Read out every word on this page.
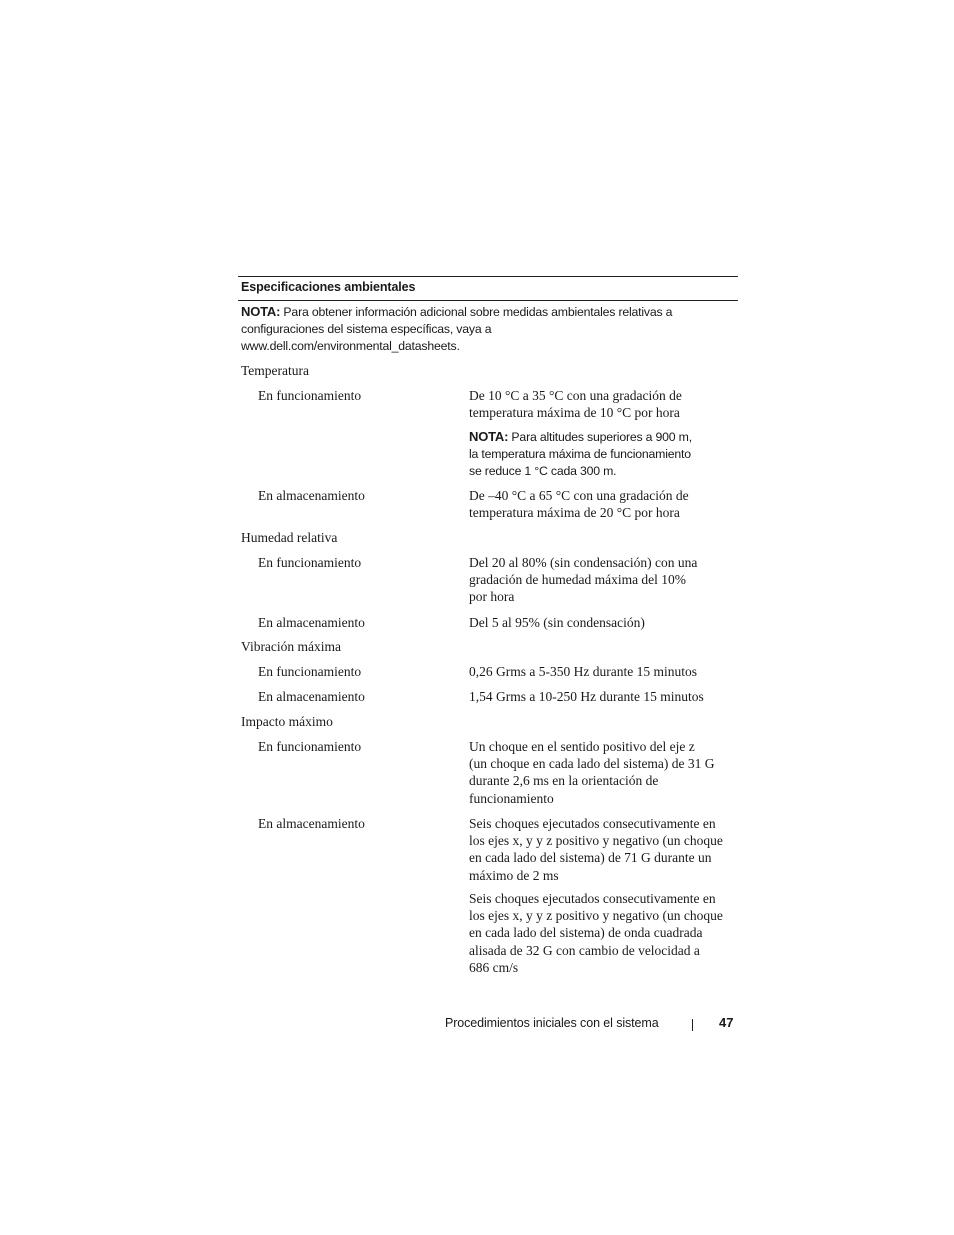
Especificaciones ambientales
NOTA: Para obtener información adicional sobre medidas ambientales relativas a
configuraciones del sistema específicas, vaya a
www.dell.com/environmental_datasheets.
Temperatura
En funcionamiento	De 10 °C a 35 °C con una gradación de
temperatura máxima de 10 °C por hora
NOTA: Para altitudes superiores a 900 m,
la temperatura máxima de funcionamiento
se reduce 1 °C cada 300 m.
En almacenamiento	De –40 °C a 65 °C con una gradación de
temperatura máxima de 20 °C por hora
Humedad relativa
En funcionamiento	Del 20 al 80% (sin condensación) con una
gradación de humedad máxima del 10%
por hora
En almacenamiento	Del 5 al 95% (sin condensación)
Vibración máxima
En funcionamiento	0,26 Grms a 5-350 Hz durante 15 minutos
En almacenamiento	1,54 Grms a 10-250 Hz durante 15 minutos
Impacto máximo
En funcionamiento	Un choque en el sentido positivo del eje z
(un choque en cada lado del sistema) de 31 G
durante 2,6 ms en la orientación de
funcionamiento
En almacenamiento	Seis choques ejecutados consecutivamente en
los ejes x, y y z positivo y negativo (un choque
en cada lado del sistema) de 71 G durante un
máximo de 2 ms
Seis choques ejecutados consecutivamente en
los ejes x, y y z positivo y negativo (un choque
en cada lado del sistema) de onda cuadrada
alisada de 32 G con cambio de velocidad a
686 cm/s
Procedimientos iniciales con el sistema	47
